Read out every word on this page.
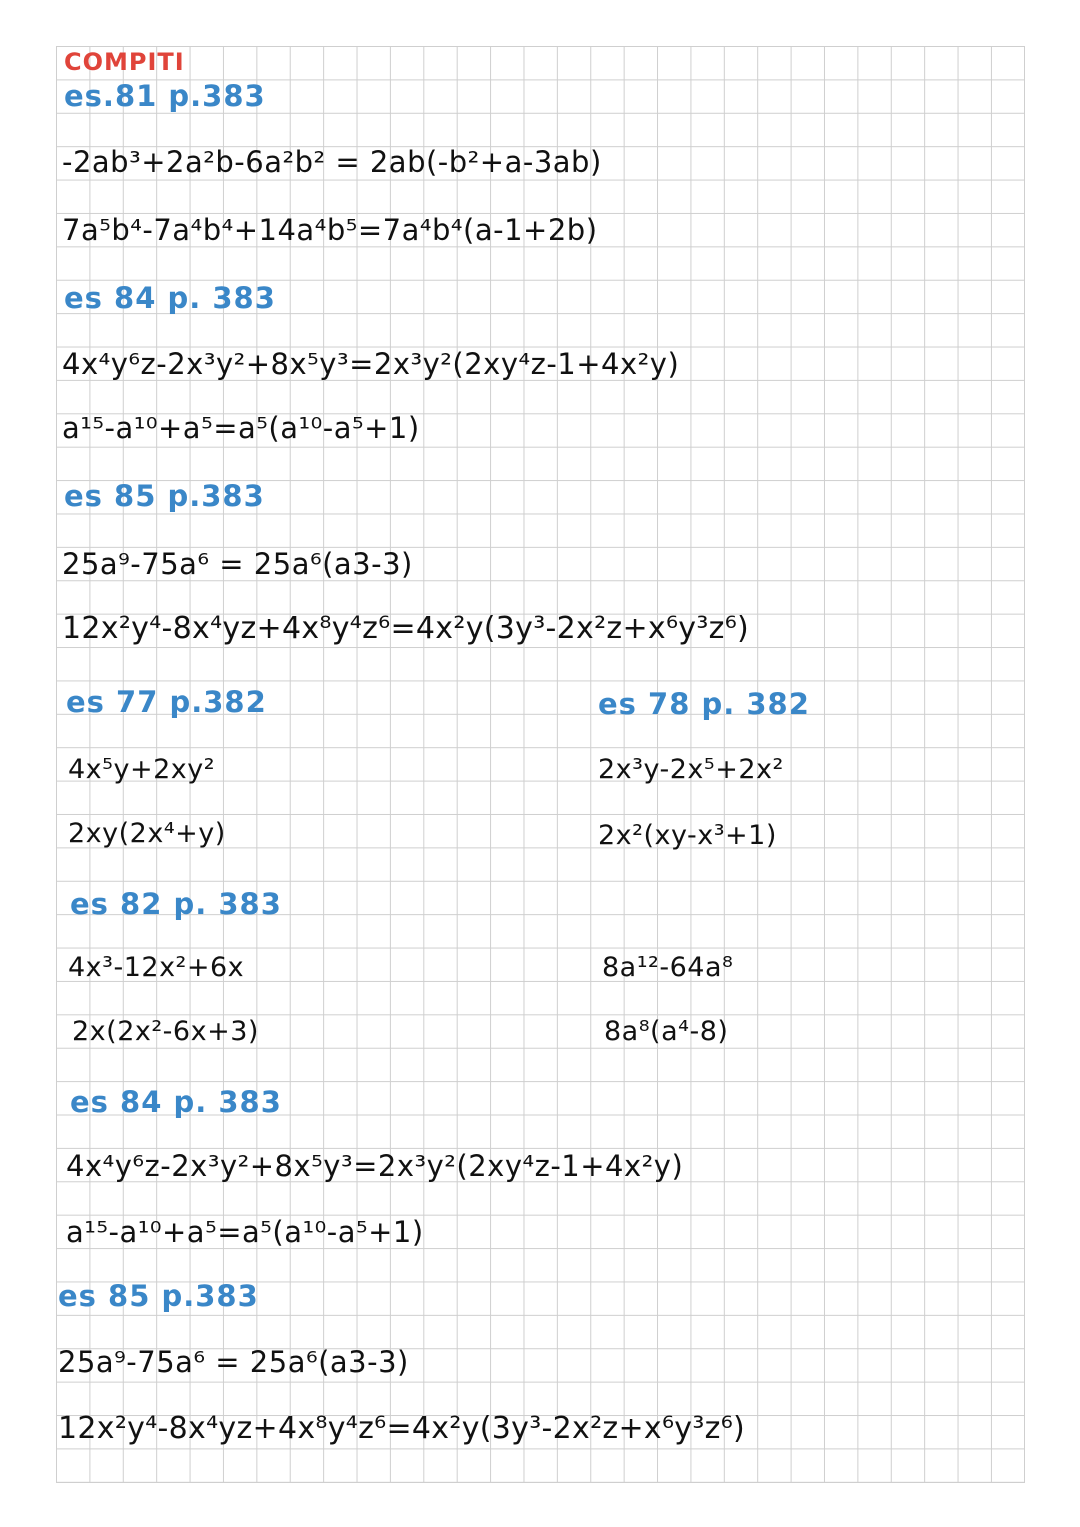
COMPITI
es.81 p.383
-2ab³+2a²b-6a²b² = 2ab(-b²+a-3ab)
7a⁵b⁴-7a⁴b⁴+14a⁴b⁵=7a⁴b⁴(a-1+2b)
es 84 p. 383
4x⁴y⁶z-2x³y²+8x⁵y³=2x³y²(2xy⁴z-1+4x²y)
a¹⁵-a¹⁰+a⁵=a⁵(a¹⁰-a⁵+1)
es 85 p.383
25a⁹-75a⁶ = 25a⁶(a3-3)
12x²y⁴-8x⁴yz+4x⁸y⁴z⁶=4x²y(3y³-2x²z+x⁶y³z⁶)
es 77 p.382
4x⁵y+2xy²
2xy(2x⁴+y)
es 78 p. 382
2x³y-2x⁵+2x²
2x²(xy-x³+1)
es 82 p. 383
4x³-12x²+6x
2x(2x²-6x+3)
8a¹²-64a⁸
8a⁸(a⁴-8)
es 84 p. 383
4x⁴y⁶z-2x³y²+8x⁵y³=2x³y²(2xy⁴z-1+4x²y)
a¹⁵-a¹⁰+a⁵=a⁵(a¹⁰-a⁵+1)
es 85 p.383
25a⁹-75a⁶ = 25a⁶(a3-3)
12x²y⁴-8x⁴yz+4x⁸y⁴z⁶=4x²y(3y³-2x²z+x⁶y³z⁶)
